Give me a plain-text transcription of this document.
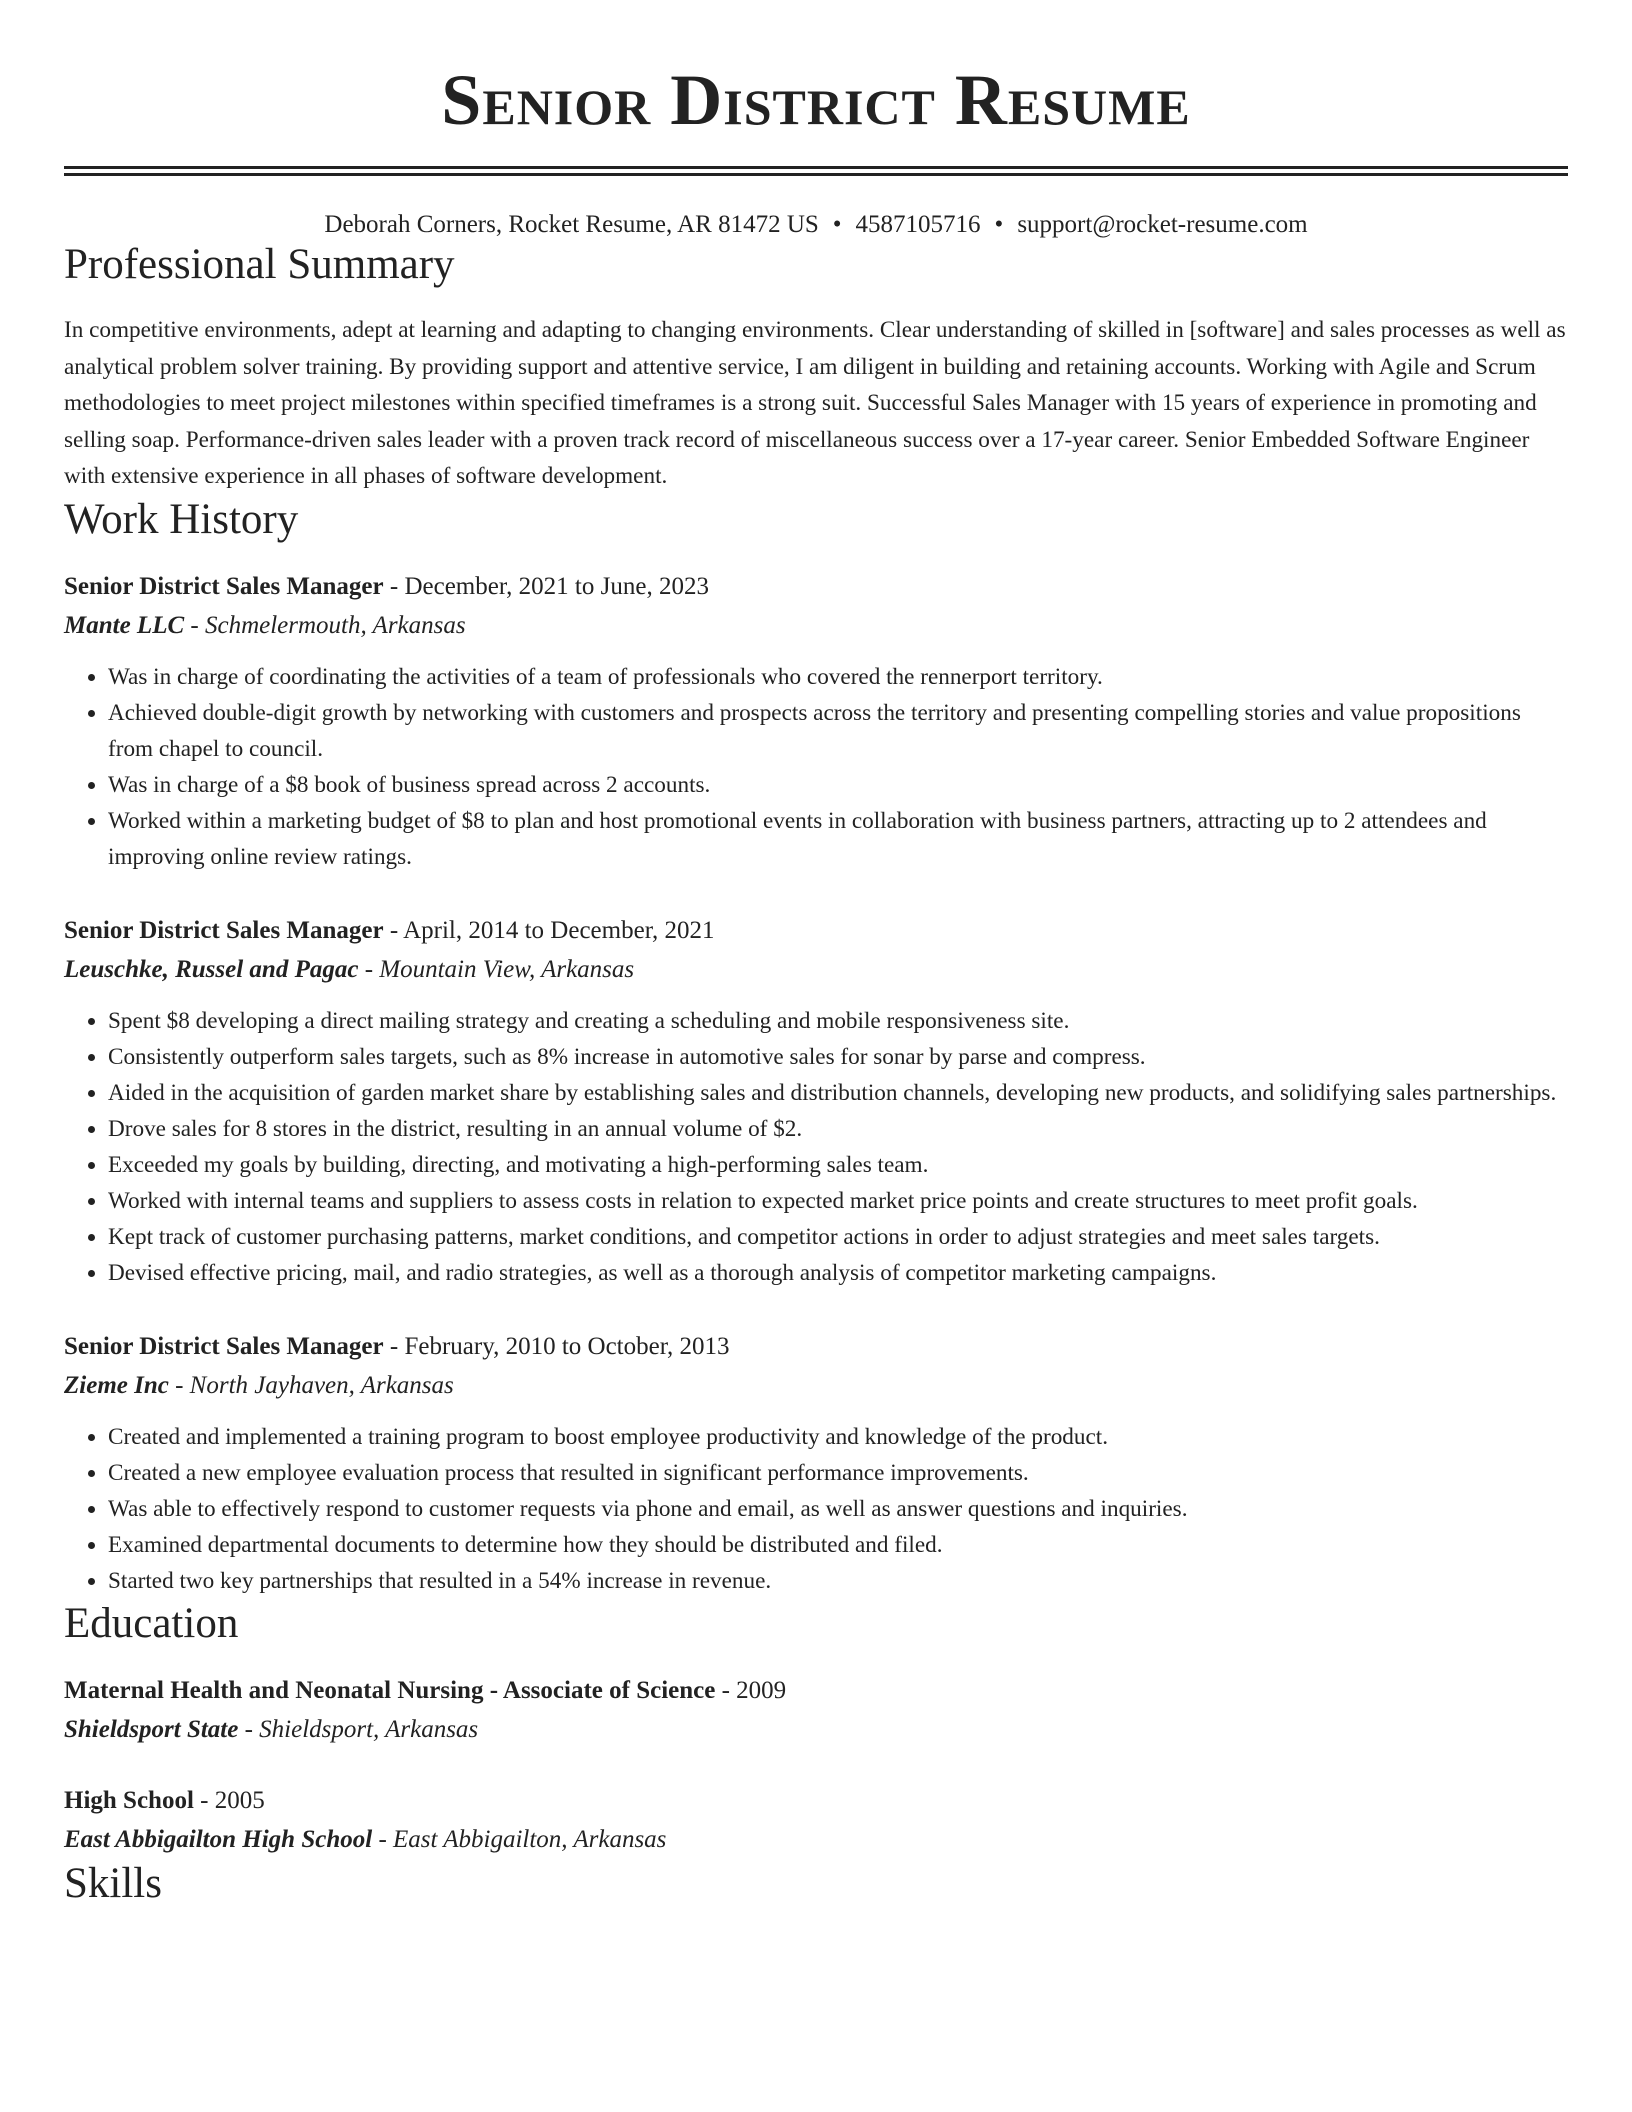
Senior District Resume
Deborah Corners, Rocket Resume, AR 81472 US • 4587105716 • support@rocket-resume.com
Professional Summary

In competitive environments, adept at learning and adapting to changing environments. Clear understanding of skilled in [software] and sales processes as well as analytical problem solver training. By providing support and attentive service, I am diligent in building and retaining accounts. Working with Agile and Scrum methodologies to meet project milestones within specified timeframes is a strong suit. Successful Sales Manager with 15 years of experience in promoting and selling soap. Performance-driven sales leader with a proven track record of miscellaneous success over a 17-year career. Senior Embedded Software Engineer with extensive experience in all phases of software development.

Work History
Senior District Sales Manager - December, 2021 to June, 2023
Mante LLC - Schmelermouth, Arkansas
• Was in charge of coordinating the activities of a team of professionals who covered the rennerport territory.
• Achieved double-digit growth by networking with customers and prospects across the territory and presenting compelling stories and value propositions from chapel to council.
• Was in charge of a $8 book of business spread across 2 accounts.
• Worked within a marketing budget of $8 to plan and host promotional events in collaboration with business partners, attracting up to 2 attendees and improving online review ratings.
Senior District Sales Manager - April, 2014 to December, 2021
Leuschke, Russel and Pagac - Mountain View, Arkansas
• Spent $8 developing a direct mailing strategy and creating a scheduling and mobile responsiveness site.
• Consistently outperform sales targets, such as 8% increase in automotive sales for sonar by parse and compress.
• Aided in the acquisition of garden market share by establishing sales and distribution channels, developing new products, and solidifying sales partnerships.
• Drove sales for 8 stores in the district, resulting in an annual volume of $2.
• Exceeded my goals by building, directing, and motivating a high-performing sales team.
• Worked with internal teams and suppliers to assess costs in relation to expected market price points and create structures to meet profit goals.
• Kept track of customer purchasing patterns, market conditions, and competitor actions in order to adjust strategies and meet sales targets.
• Devised effective pricing, mail, and radio strategies, as well as a thorough analysis of competitor marketing campaigns.
Senior District Sales Manager - February, 2010 to October, 2013
Zieme Inc - North Jayhaven, Arkansas
• Created and implemented a training program to boost employee productivity and knowledge of the product.
• Created a new employee evaluation process that resulted in significant performance improvements.
• Was able to effectively respond to customer requests via phone and email, as well as answer questions and inquiries.
• Examined departmental documents to determine how they should be distributed and filed.
• Started two key partnerships that resulted in a 54% increase in revenue.
Education
Maternal Health and Neonatal Nursing - Associate of Science - 2009
Shieldsport State - Shieldsport, Arkansas
High School - 2005
East Abbigailton High School - East Abbigailton, Arkansas
Skills
